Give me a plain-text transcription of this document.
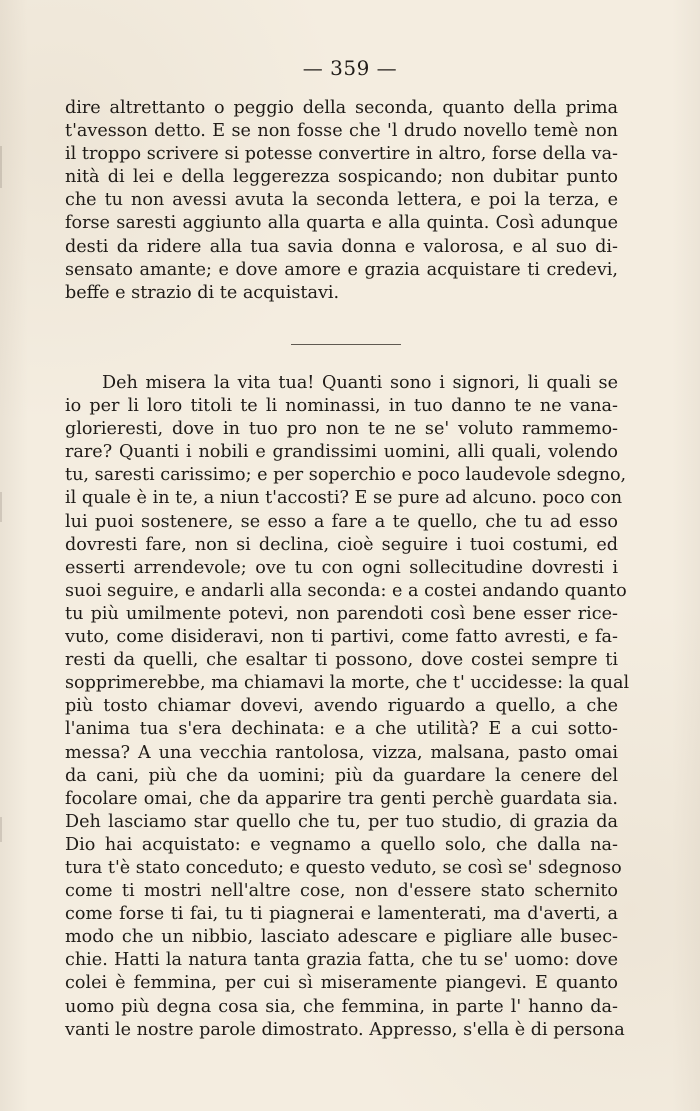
— 359 —
dire altrettanto o peggio della seconda, quanto della prima
t'avesson detto. E se non fosse che 'l drudo novello temè non
il troppo scrivere si potesse convertire in altro, forse della va-
nità di lei e della leggerezza sospicando; non dubitar punto
che tu non avessi avuta la seconda lettera, e poi la terza, e
forse saresti aggiunto alla quarta e alla quinta. Così adunque
desti da ridere alla tua savia donna e valorosa, e al suo di-
sensato amante; e dove amore e grazia acquistare ti credevi,
beffe e strazio di te acquistavi.
Deh misera la vita tua! Quanti sono i signori, li quali se
io per li loro titoli te li nominassi, in tuo danno te ne vana-
glorieresti, dove in tuo pro non te ne se' voluto rammemo-
rare? Quanti i nobili e grandissimi uomini, alli quali, volendo
tu, saresti carissimo; e per soperchio e poco laudevole sdegno,
il quale è in te, a niun t'accosti? E se pure ad alcuno. poco con
lui puoi sostenere, se esso a fare a te quello, che tu ad esso
dovresti fare, non si declina, cioè seguire i tuoi costumi, ed
esserti arrendevole; ove tu con ogni sollecitudine dovresti i
suoi seguire, e andarli alla seconda: e a costei andando quanto
tu più umilmente potevi, non parendoti così bene esser rice-
vuto, come disideravi, non ti partivi, come fatto avresti, e fa-
resti da quelli, che esaltar ti possono, dove costei sempre ti
sopprimerebbe, ma chiamavi la morte, che t' uccidesse: la qual
più tosto chiamar dovevi, avendo riguardo a quello, a che
l'anima tua s'era dechinata: e a che utilità? E a cui sotto-
messa? A una vecchia rantolosa, vizza, malsana, pasto omai
da cani, più che da uomini; più da guardare la cenere del
focolare omai, che da apparire tra genti perchè guardata sia.
Deh lasciamo star quello che tu, per tuo studio, di grazia da
Dio hai acquistato: e vegnamo a quello solo, che dalla na-
tura t'è stato conceduto; e questo veduto, se così se' sdegnoso
come ti mostri nell'altre cose, non d'essere stato schernito
come forse ti fai, tu ti piagnerai e lamenterati, ma d'averti, a
modo che un nibbio, lasciato adescare e pigliare alle busec-
chie. Hatti la natura tanta grazia fatta, che tu se' uomo: dove
colei è femmina, per cui sì miseramente piangevi. E quanto
uomo più degna cosa sia, che femmina, in parte l' hanno da-
vanti le nostre parole dimostrato. Appresso, s'ella è di persona
